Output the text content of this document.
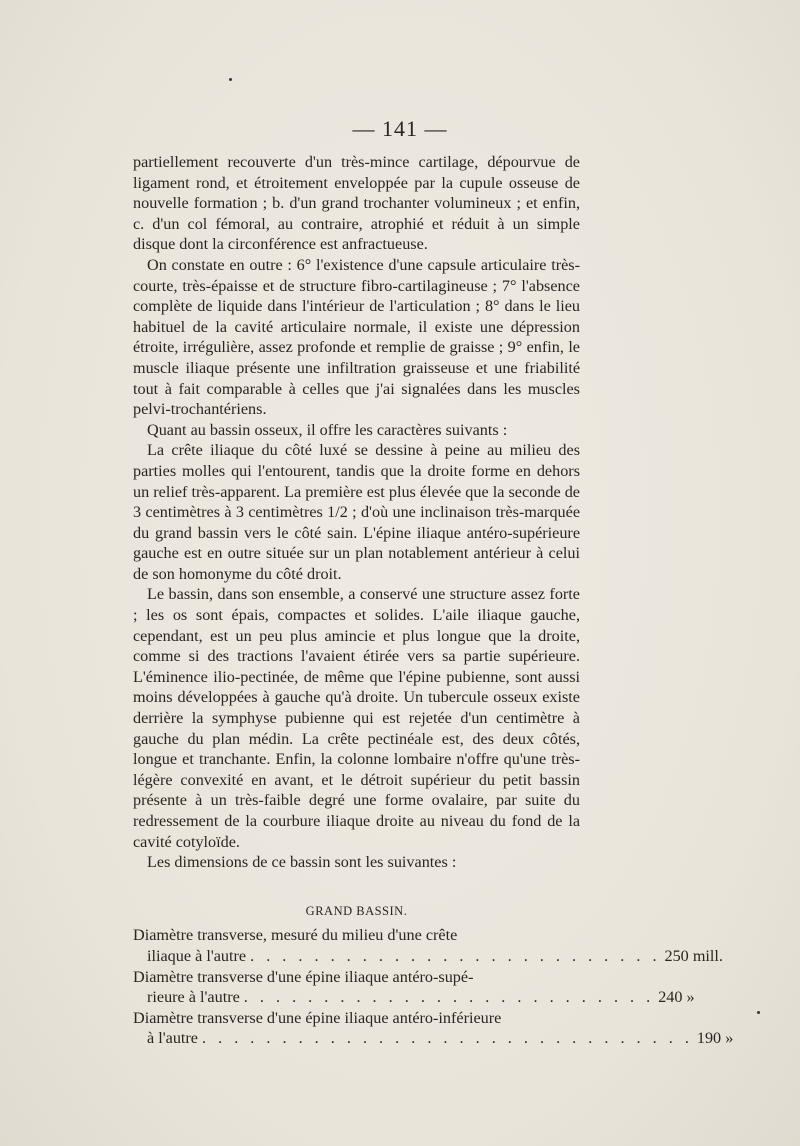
— 141 —

partiellement recouverte d'un très-mince cartilage, dépourvue de ligament rond, et étroitement enveloppée par la cupule osseuse de nouvelle formation ; b. d'un grand trochanter volumineux ; et enfin, c. d'un col fémoral, au contraire, atrophié et réduit à un simple disque dont la circonférence est anfractueuse.

On constate en outre : 6° l'existence d'une capsule articulaire très-courte, très-épaisse et de structure fibro-cartilagineuse ; 7° l'absence complète de liquide dans l'intérieur de l'articulation ; 8° dans le lieu habituel de la cavité articulaire normale, il existe une dépression étroite, irrégulière, assez profonde et remplie de graisse ; 9° enfin, le muscle iliaque présente une infiltration graisseuse et une friabilité tout à fait comparable à celles que j'ai signalées dans les muscles pelvi-trochantériens.

Quant au bassin osseux, il offre les caractères suivants :

La crête iliaque du côté luxé se dessine à peine au milieu des parties molles qui l'entourent, tandis que la droite forme en dehors un relief très-apparent. La première est plus élevée que la seconde de 3 centimètres à 3 centimètres 1/2 ; d'où une inclinaison très-marquée du grand bassin vers le côté sain. L'épine iliaque antéro-supérieure gauche est en outre située sur un plan notablement antérieur à celui de son homonyme du côté droit.

Le bassin, dans son ensemble, a conservé une structure assez forte ; les os sont épais, compactes et solides. L'aile iliaque gauche, cependant, est un peu plus amincie et plus longue que la droite, comme si des tractions l'avaient étirée vers sa partie supérieure. L'éminence ilio-pectinée, de même que l'épine pubienne, sont aussi moins développées à gauche qu'à droite. Un tubercule osseux existe derrière la symphyse pubienne qui est rejetée d'un centimètre à gauche du plan médin. La crête pectinéale est, des deux côtés, longue et tranchante. Enfin, la colonne lombaire n'offre qu'une très-légère convexité en avant, et le détroit supérieur du petit bassin présente à un très-faible degré une forme ovalaire, par suite du redressement de la courbure iliaque droite au niveau du fond de la cavité cotyloïde.

Les dimensions de ce bassin sont les suivantes :

GRAND BASSIN.
Diamètre transverse, mesuré du milieu d'une crête
iliaque à l'autre . . . . . . . . . . . . . . . . . . . . . . . . . . 250 mill.
Diamètre transverse d'une épine iliaque antéro-supé-
rieure à l'autre . . . . . . . . . . . . . . . . . . . . . . . . . . 240 »
Diamètre transverse d'une épine iliaque antéro-inférieure
à l'autre . . . . . . . . . . . . . . . . . . . . . . . . . . . . . . . 190 »
